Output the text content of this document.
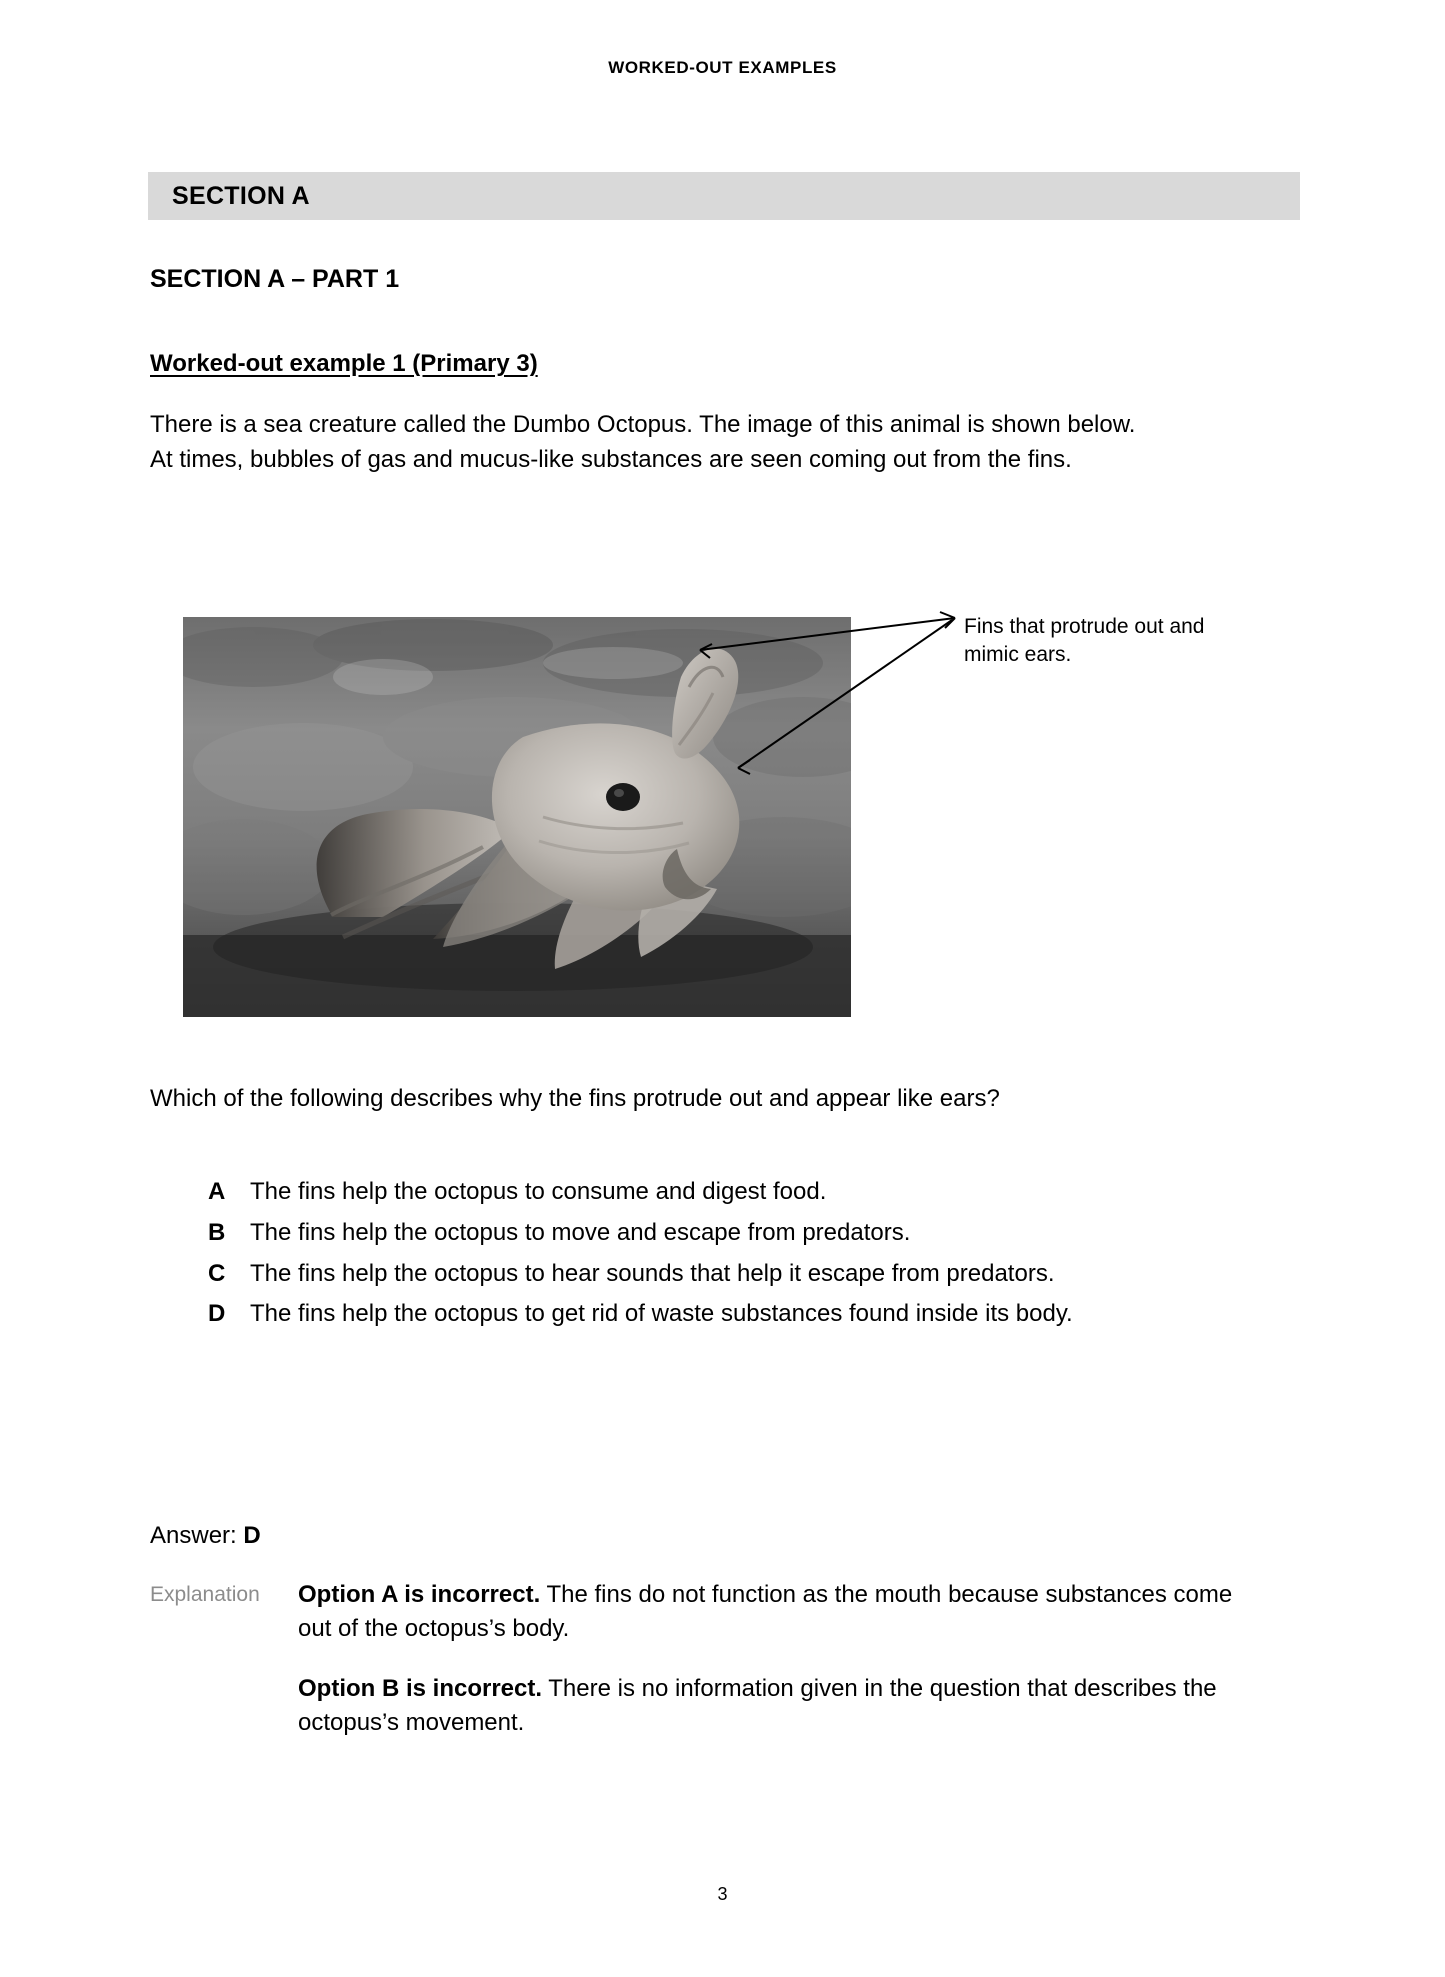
WORKED-OUT EXAMPLES
SECTION A
SECTION A – PART 1
Worked-out example 1 (Primary 3)

There is a sea creature called the Dumbo Octopus. The image of this animal is shown below.

At times, bubbles of gas and mucus-like substances are seen coming out from the fins.

Fins that protrude out and mimic ears.
Which of the following describes why the fins protrude out and appear like ears?
A	The fins help the octopus to consume and digest food.
B	The fins help the octopus to move and escape from predators.
C	The fins help the octopus to hear sounds that help it escape from predators.
D	The fins help the octopus to get rid of waste substances found inside its body.
Answer: D
Explanation	Option A is incorrect. The fins do not function as the mouth because substances come out of the octopus’s body.

Option B is incorrect. There is no information given in the question that describes the octopus’s movement.

3
